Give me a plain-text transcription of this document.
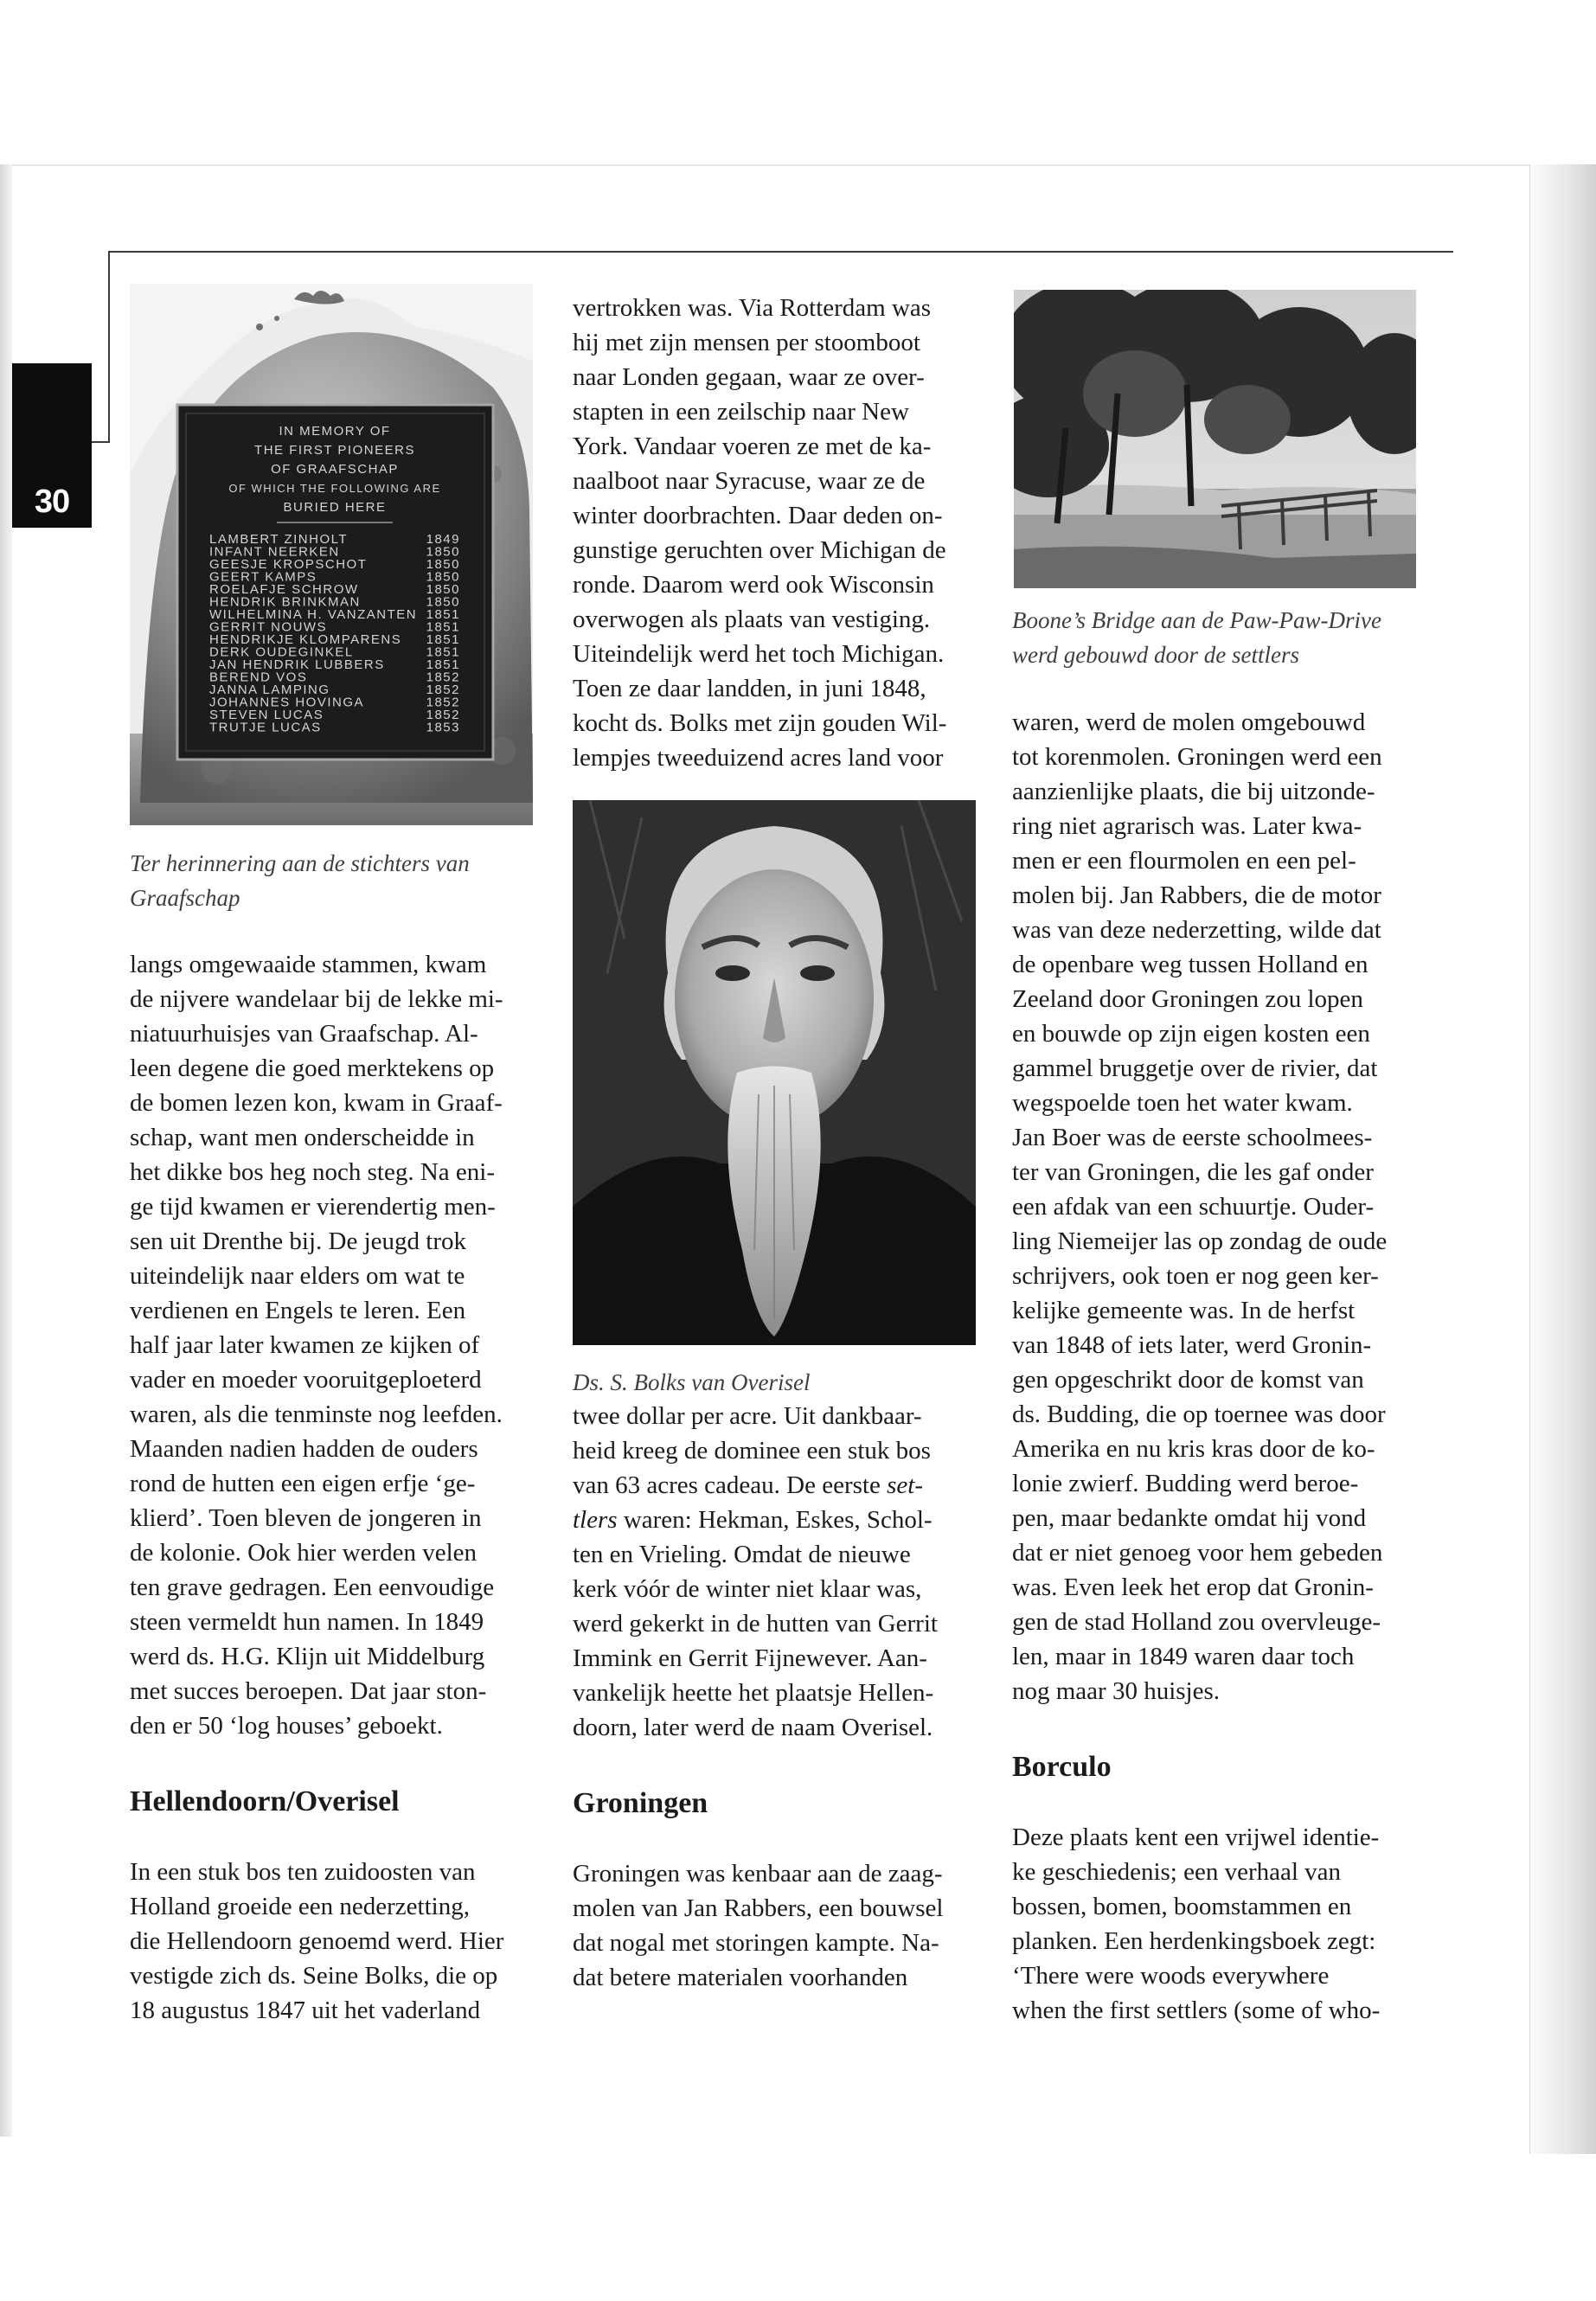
30
IN MEMORY OF
THE FIRST PIONEERS
OF GRAAFSCHAP
OF WHICH THE FOLLOWING ARE
BURIED HERE
LAMBERT ZINHOLT	1849
INFANT NEERKEN	1850
GEESJE KROPSCHOT	1850
GEERT KAMPS	1850
ROELAFJE SCHROW	1850
HENDRIK BRINKMAN	1850
WILHELMINA H. VANZANTEN 1851
GERRIT NOUWS	1851
HENDRIKJE KLOMPARENS 1851
DERK OUDEGINKEL	1851
JAN HENDRIK LUBBERS	1851
BEREND VOS	1852
JANNA LAMPING	1852
JOHANNES HOVINGA	1852
STEVEN LUCAS	1852
TRUTJE LUCAS	1853

Ter herinnering aan de stichters van Graafschap

langs omgewaaide stammen, kwam

de nijvere wandelaar bij de lekke mi-

niatuurhuisjes van Graafschap. Al-

leen degene die goed merktekens op

de bomen lezen kon, kwam in Graaf-

schap, want men onderscheidde in

het dikke bos heg noch steg. Na eni-

ge tijd kwamen er vierendertig men-

sen uit Drenthe bij. De jeugd trok

uiteindelijk naar elders om wat te

verdienen en Engels te leren. Een

half jaar later kwamen ze kijken of

vader en moeder vooruitgeploeterd

waren, als die tenminste nog leefden.

Maanden nadien hadden de ouders

rond de hutten een eigen erfje ‘ge-

klierd’. Toen bleven de jongeren in

de kolonie. Ook hier werden velen

ten grave gedragen. Een eenvoudige

steen vermeldt hun namen. In 1849

werd ds. H.G. Klijn uit Middelburg

met succes beroepen. Dat jaar ston-

den er 50 ‘log houses’ geboekt.

Hellendoorn/Overisel

In een stuk bos ten zuidoosten van

Holland groeide een nederzetting,

die Hellendoorn genoemd werd. Hier

vestigde zich ds. Seine Bolks, die op

18 augustus 1847 uit het vaderland

vertrokken was. Via Rotterdam was

hij met zijn mensen per stoomboot

naar Londen gegaan, waar ze over-

stapten in een zeilschip naar New

York. Vandaar voeren ze met de ka-

naalboot naar Syracuse, waar ze de

winter doorbrachten. Daar deden on-

gunstige geruchten over Michigan de

ronde. Daarom werd ook Wisconsin

overwogen als plaats van vestiging.

Uiteindelijk werd het toch Michigan.

Toen ze daar landden, in juni 1848,

kocht ds. Bolks met zijn gouden Wil-

lempjes tweeduizend acres land voor

twee dollar per acre. Uit dankbaar-

heid kreeg de dominee een stuk bos

van 63 acres cadeau. De eerste set-

tlers waren: Hekman, Eskes, Schol-

ten en Vrieling. Omdat de nieuwe

kerk vóór de winter niet klaar was,

werd gekerkt in de hutten van Gerrit

Immink en Gerrit Fijnewever. Aan-

vankelijk heette het plaatsje Hellen-

doorn, later werd de naam Overisel.

Groningen

Groningen was kenbaar aan de zaag-

molen van Jan Rabbers, een bouwsel

dat nogal met storingen kampte. Na-

dat betere materialen voorhanden

Ds. S. Bolks van Overisel

Boone’s Bridge aan de Paw-Paw-Drive

werd gebouwd door de settlers

waren, werd de molen omgebouwd

tot korenmolen. Groningen werd een

aanzienlijke plaats, die bij uitzonde-

ring niet agrarisch was. Later kwa-

men er een flourmolen en een pel-

molen bij. Jan Rabbers, die de motor

was van deze nederzetting, wilde dat

de openbare weg tussen Holland en

Zeeland door Groningen zou lopen

en bouwde op zijn eigen kosten een

gammel bruggetje over de rivier, dat

wegspoelde toen het water kwam.

Jan Boer was de eerste schoolmees-

ter van Groningen, die les gaf onder

een afdak van een schuurtje. Ouder-

ling Niemeijer las op zondag de oude

schrijvers, ook toen er nog geen ker-

kelijke gemeente was. In de herfst

van 1848 of iets later, werd Gronin-

gen opgeschrikt door de komst van

ds. Budding, die op toernee was door

Amerika en nu kris kras door de ko-

lonie zwierf. Budding werd beroe-

pen, maar bedankte omdat hij vond

dat er niet genoeg voor hem gebeden

was. Even leek het erop dat Gronin-

gen de stad Holland zou overvleuge-

len, maar in 1849 waren daar toch

nog maar 30 huisjes.

Borculo

Deze plaats kent een vrijwel identie-

ke geschiedenis; een verhaal van

bossen, bomen, boomstammen en

planken. Een herdenkingsboek zegt:

‘There were woods everywhere

when the first settlers (some of who-
